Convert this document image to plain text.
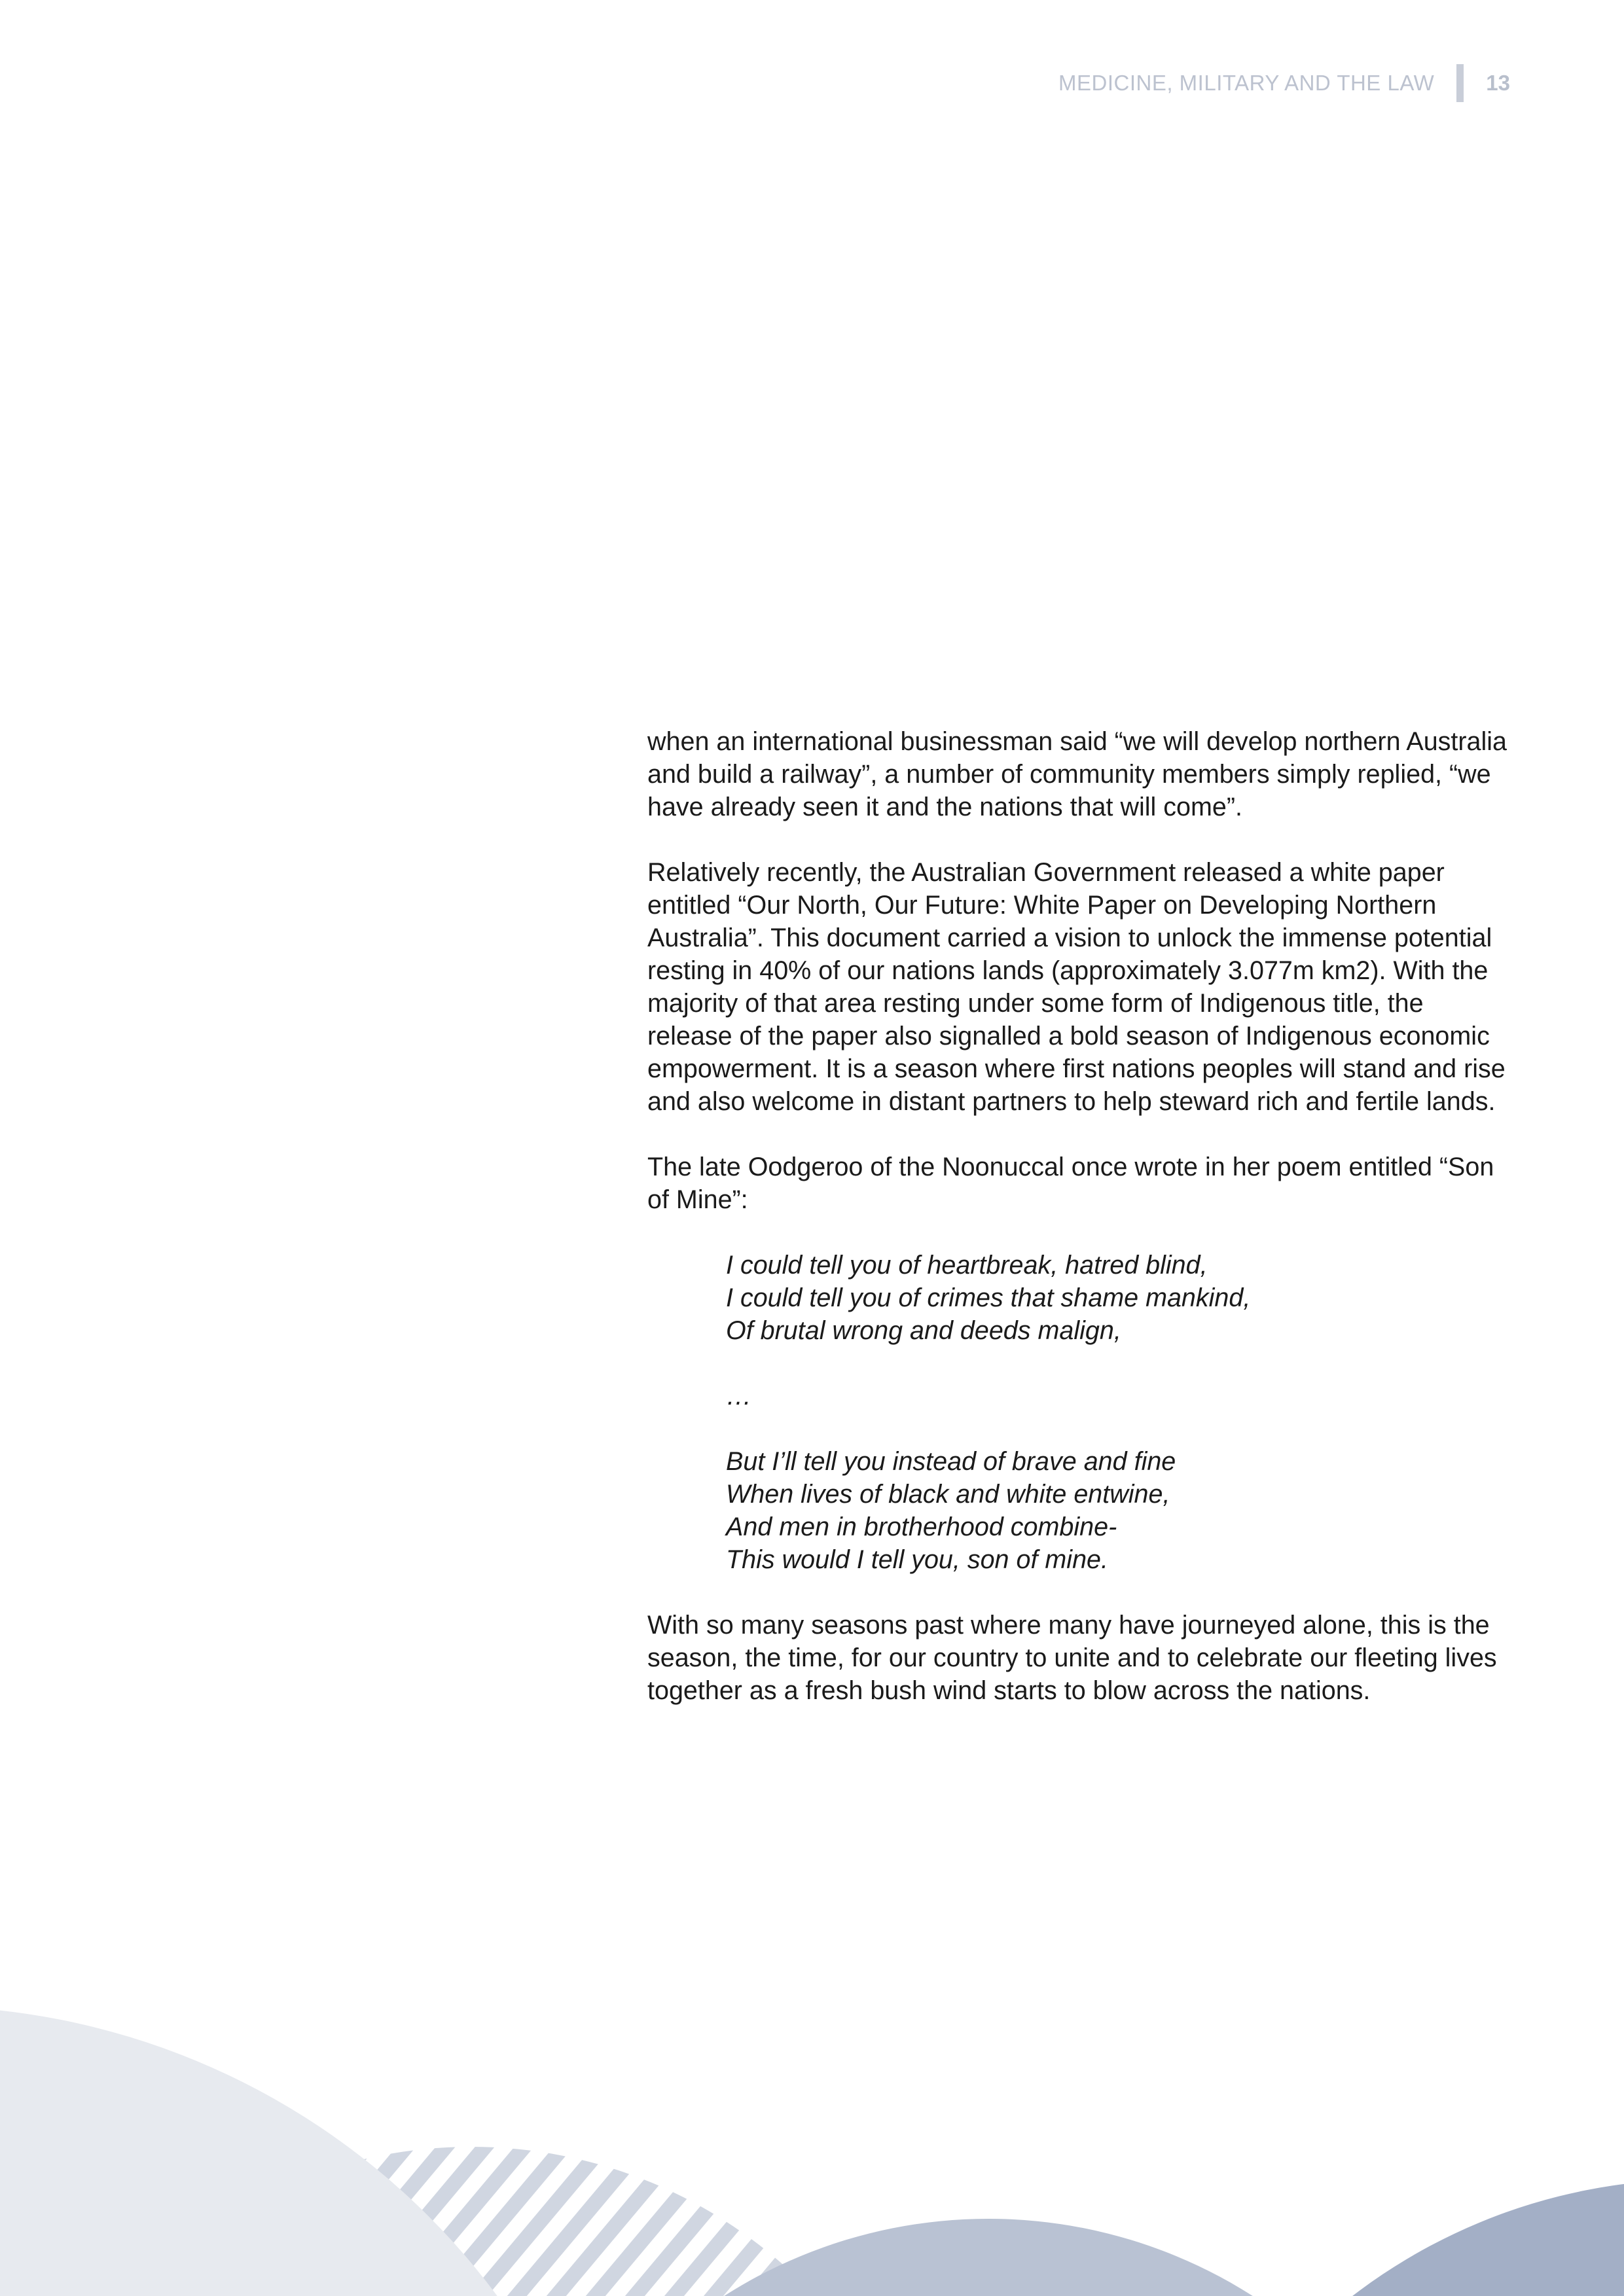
MEDICINE, MILITARY AND THE LAW 13

when an international businessman said “we will develop northern Australia and build a railway”, a number of community members simply replied, “we have already seen it and the nations that will come”.

Relatively recently, the Australian Government released a white paper entitled “Our North, Our Future: White Paper on Developing Northern Australia”. This document carried a vision to unlock the immense potential resting in 40% of our nations lands (approximately 3.077m km2). With the majority of that area resting under some form of Indigenous title, the release of the paper also signalled a bold season of Indigenous economic empowerment. It is a season where first nations peoples will stand and rise and also welcome in distant partners to help steward rich and fertile lands.

The late Oodgeroo of the Noonuccal once wrote in her poem entitled “Son of Mine”:

I could tell you of heartbreak, hatred blind,
I could tell you of crimes that shame mankind,
Of brutal wrong and deeds malign,
…
But I’ll tell you instead of brave and fine
When lives of black and white entwine,
And men in brotherhood combine-
This would I tell you, son of mine.

With so many seasons past where many have journeyed alone, this is the season, the time, for our country to unite and to celebrate our fleeting lives together as a fresh bush wind starts to blow across the nations.
